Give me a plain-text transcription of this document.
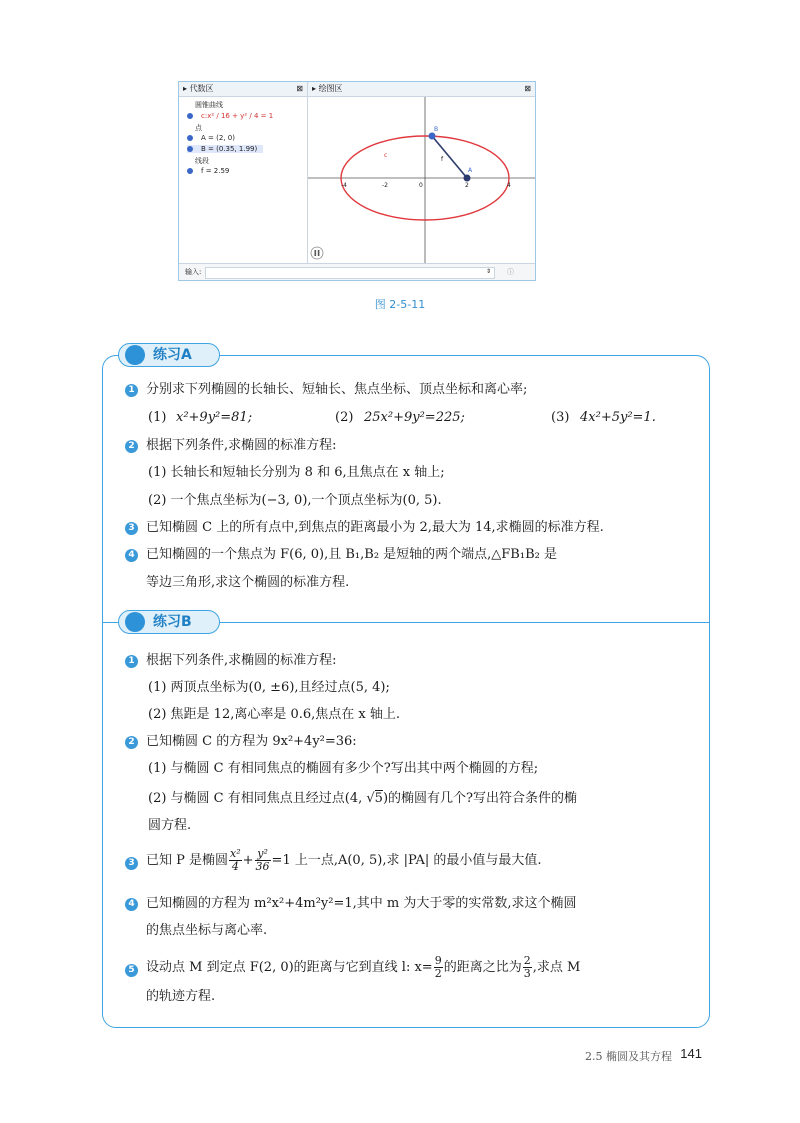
▸ 代数区	⊠
圆锥曲线
c:x² / 16 + y² / 4 = 1
点
A = (2, 0)
B = (0.35, 1.99)
线段
f = 2.59
▸ 绘图区	⊠
c
B
A
f
-4	-2	0	2	4
输入:	⇕ ⓘ
图 2-5-11
练习A
练习B
1 分别求下列椭圆的长轴长、短轴长、焦点坐标、顶点坐标和离心率;
(1) x²+9y²=81;	(2) 25x²+9y²=225;	(3) 4x²+5y²=1.
2 根据下列条件,求椭圆的标准方程:
(1) 长轴长和短轴长分别为 8 和 6,且焦点在 x 轴上;
(2) 一个焦点坐标为(−3, 0),一个顶点坐标为(0, 5).
3 已知椭圆 C 上的所有点中,到焦点的距离最小为 2,最大为 14,求椭圆的标准方程.
4 已知椭圆的一个焦点为 F(6, 0),且 B₁,B₂ 是短轴的两个端点,△FB₁B₂ 是
等边三角形,求这个椭圆的标准方程.
1 根据下列条件,求椭圆的标准方程:
(1) 两顶点坐标为(0, ±6),且经过点(5, 4);
(2) 焦距是 12,离心率是 0.6,焦点在 x 轴上.
2 已知椭圆 C 的方程为 9x²+4y²=36:
(1) 与椭圆 C 有相同焦点的椭圆有多少个?写出其中两个椭圆的方程;
(2) 与椭圆 C 有相同焦点且经过点(4, √5)的椭圆有几个?写出符合条件的椭
圆方程.
3 已知 P 是椭圆 $\frac{\text{x²}}{4} + \frac{\text{y²}}{36} =1$ 上一点,A(0, 5),求 |PA| 的最小值与最大值.
4 已知椭圆的方程为 m²x²+4m²y²=1,其中 m 为大于零的实常数,求这个椭圆
的焦点坐标与离心率.
5 设动点 M 到定点 F(2, 0)的距离与它到直线 l: $x= \frac{9}{2}$ 的距离之比为 $\frac{2}{3}$ ,求点 M
的轨迹方程.
2.5 椭圆及其方程 141
